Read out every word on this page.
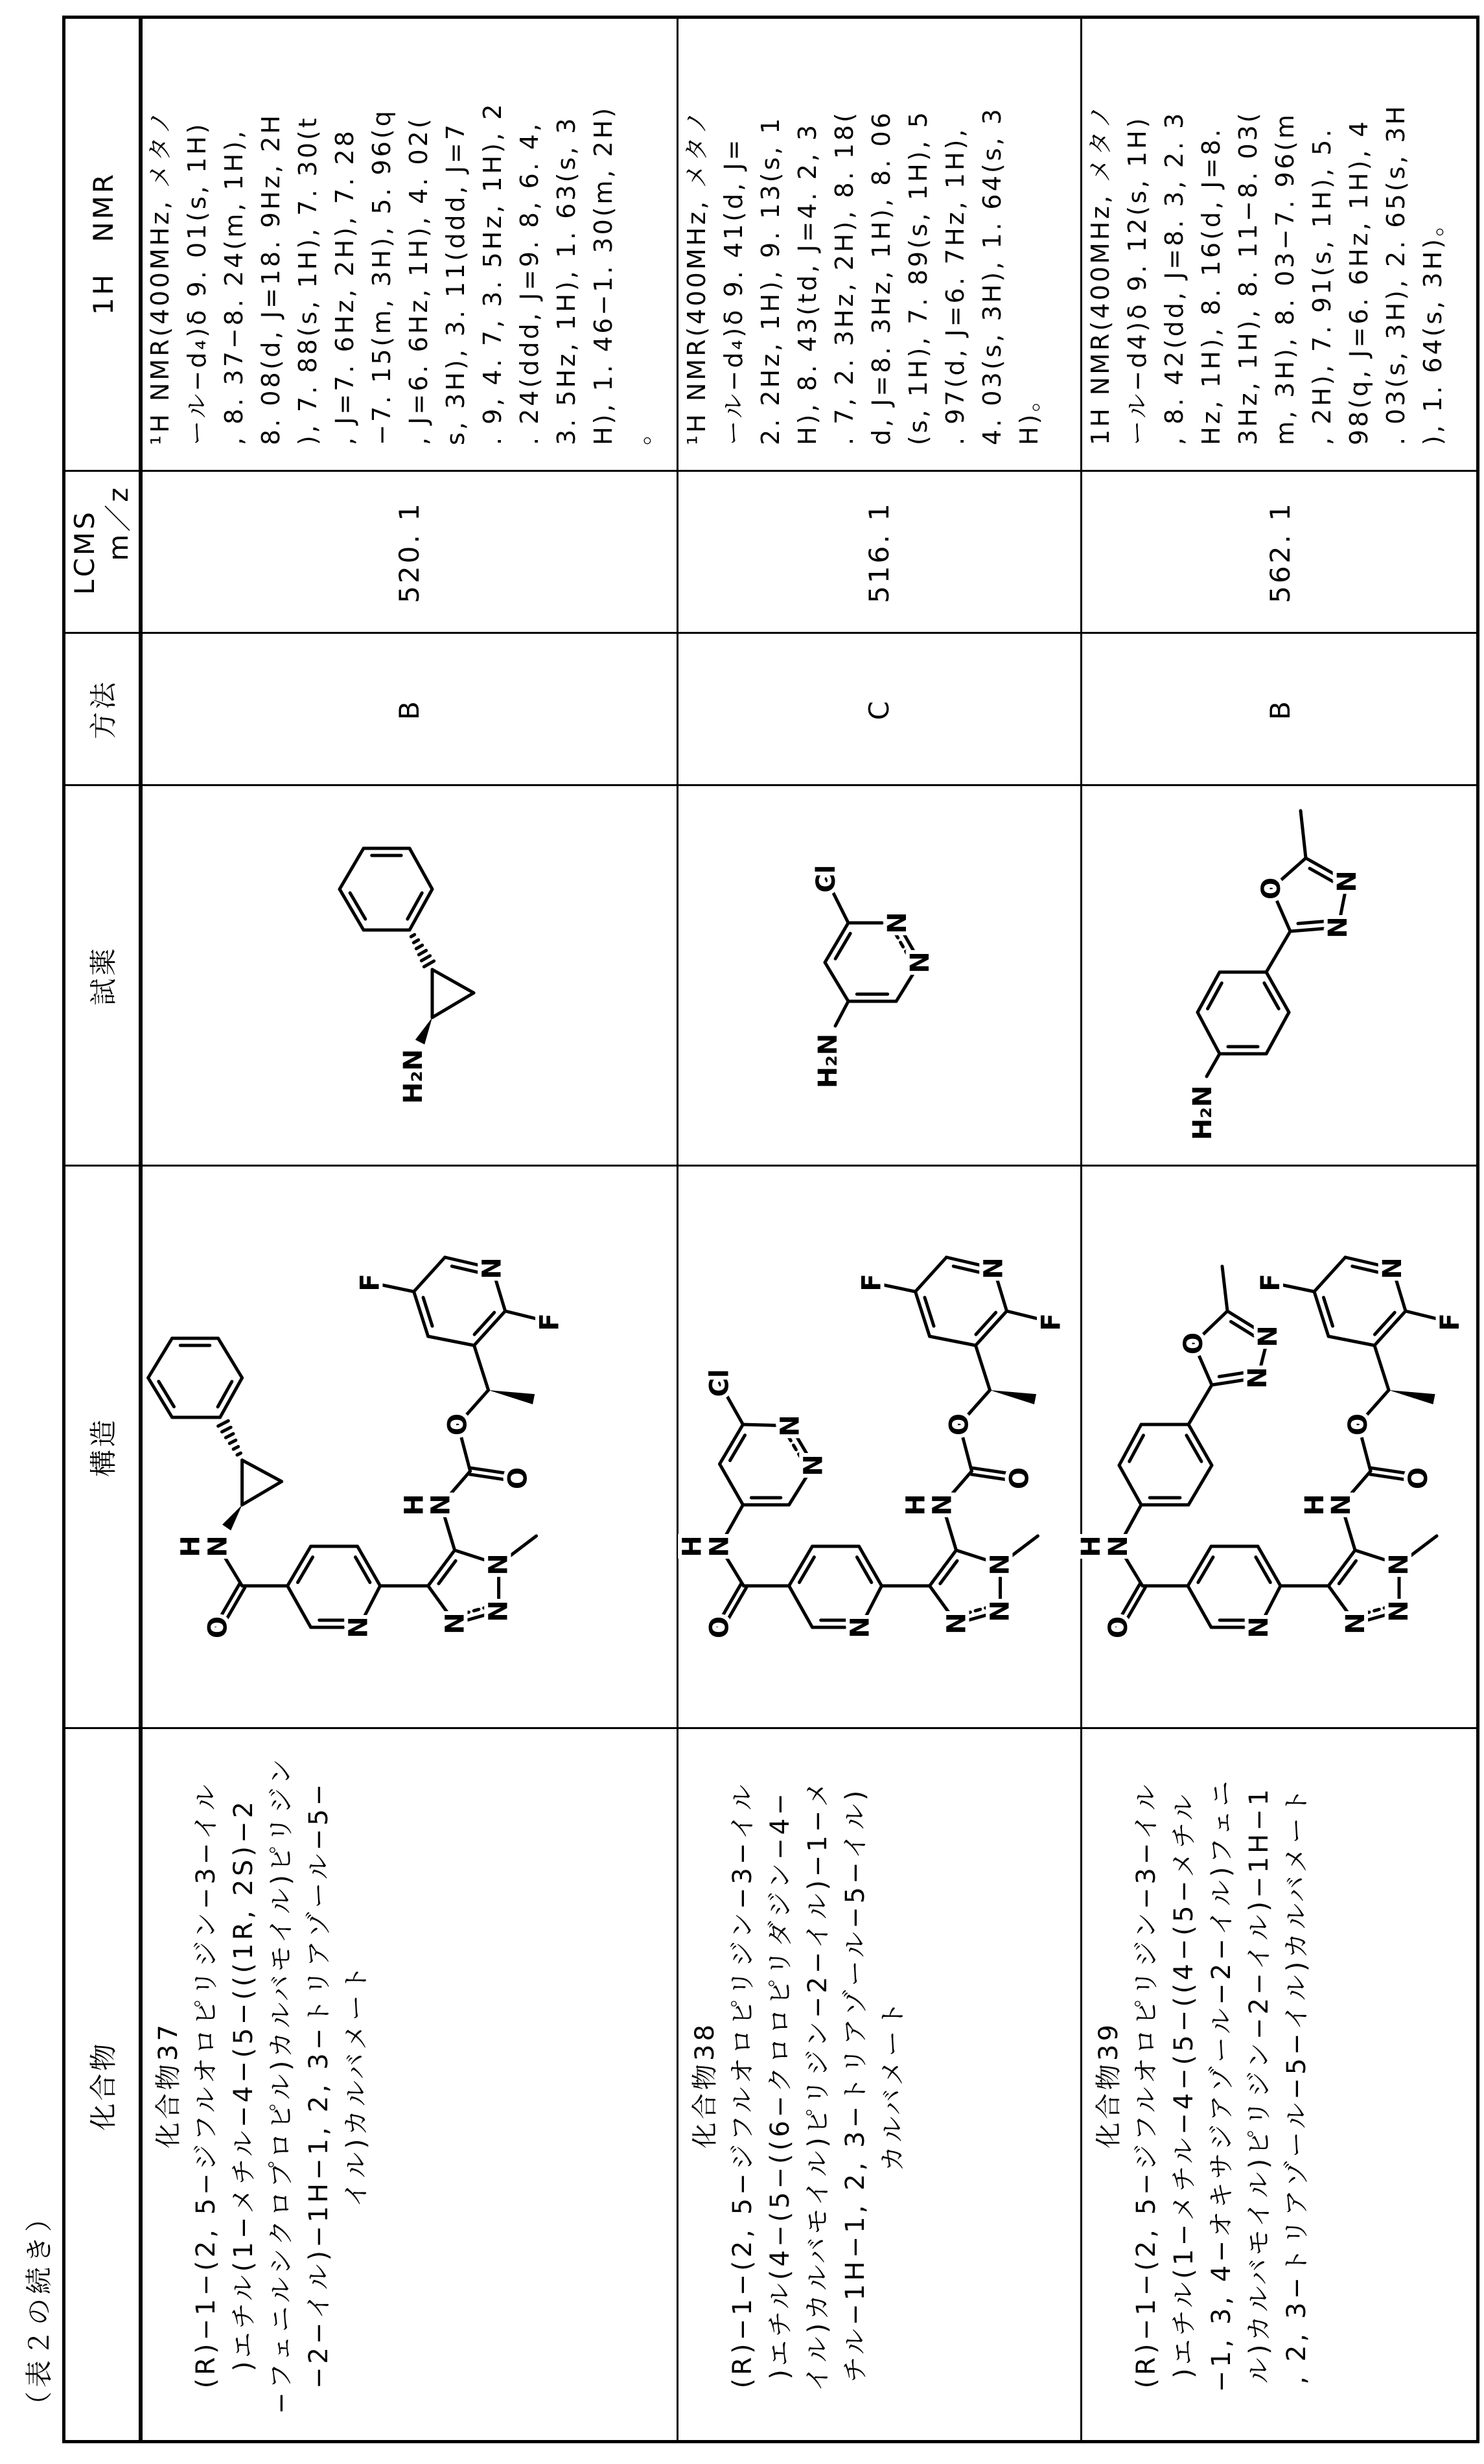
（表２の続き）
化合物
構造
試薬
方法
LCMS m／z
1H　NMR
化合物37 (R)−1−(2, 5−ジフルオロピリジン−3−イル )エチル(1−メチル−4−(5−(((1R, 2S)−2 −フェニルシクロプロピル)カルバモイル)ピリジン −2−イル)−1H−1, 2, 3−トリアゾール−5− イル)カルバメート
B
520. 1
¹H NMR(400MHz, メタノ ール−d₄)δ 9. 01(s, 1H) , 8. 37−8. 24(m, 1H), 8. 08(d, J=18. 9Hz, 2H ), 7. 88(s, 1H), 7. 30(t , J=7. 6Hz, 2H), 7. 28 −7. 15(m, 3H), 5. 96(q , J=6. 6Hz, 1H), 4. 02( s, 3H), 3. 11(ddd, J=7 . 9, 4. 7, 3. 5Hz, 1H), 2 . 24(ddd, J=9. 8, 6. 4, 3. 5Hz, 1H), 1. 63(s, 3 H), 1. 46−1. 30(m, 2H) 。
化合物38 (R)−1−(2, 5−ジフルオロピリジン−3−イル )エチル(4−(5−((6−クロロピリダジン−4− イル)カルバモイル)ピリジン−2−イル)−1−メ チル−1H−1, 2, 3−トリアゾール−5−イル) カルバメート
C
516. 1
¹H NMR(400MHz, メタノ ール−d₄)δ 9. 41(d, J= 2. 2Hz, 1H), 9. 13(s, 1 H), 8. 43(td, J=4. 2, 3 . 7, 2. 3Hz, 2H), 8. 18( d, J=8. 3Hz, 1H), 8. 06 (s, 1H), 7. 89(s, 1H), 5 . 97(d, J=6. 7Hz, 1H), 4. 03(s, 3H), 1. 64(s, 3 H)。
化合物39 (R)−1−(2, 5−ジフルオロピリジン−3−イル )エチル(1−メチル−4−(5−((4−(5−メチル −1, 3, 4−オキサジアゾール−2−イル)フェニ ル)カルバモイル)ピリジン−2−イル)−1H−1 , 2, 3−トリアゾール−5−イル)カルバメート
B
562. 1
1H NMR(400MHz, メタノ ール−d4)δ 9. 12(s, 1H) , 8. 42(dd, J=8. 3, 2. 3 Hz, 1H), 8. 16(d, J=8. 3Hz, 1H), 8. 11−8. 03( m, 3H), 8. 03−7. 96(m , 2H), 7. 91(s, 1H), 5. 98(q, J=6. 6Hz, 1H), 4 . 03(s, 3H), 2. 65(s, 3H ), 1. 64(s, 3H)。
O
N
H
N
N
N
N
N
H
O
O
N
F
F
O
N
H
N
N
N
N
N
H
O
O
N
F
F
Cl
N
N
O
N
H
N
N
N
N
N
H
O
O
N
F
F
N
N
O
H₂N
Cl
N
N
H₂N
H₂N
N
N
O
